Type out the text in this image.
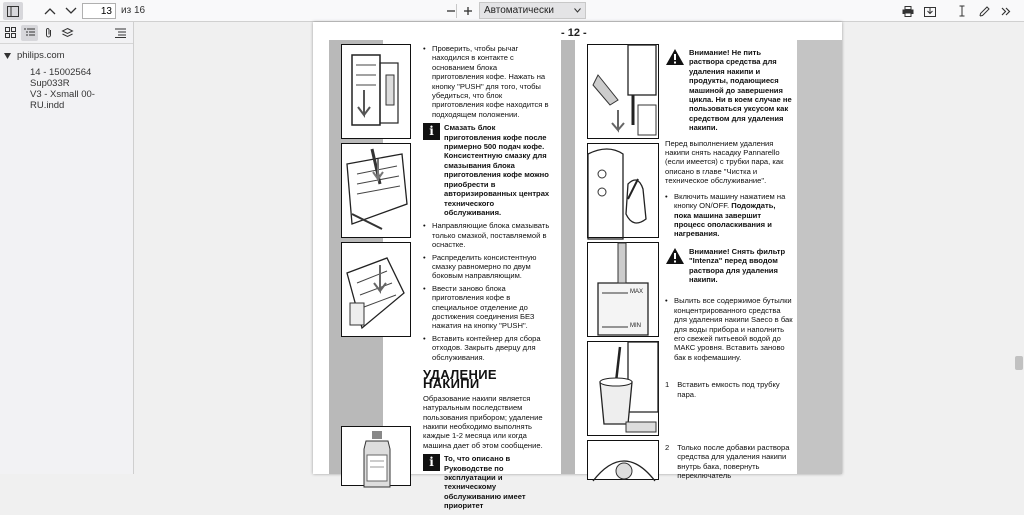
13
из 16	Автоматически
philips.com
14 - 15002564 Sup033R
V3 - Xsmall 00- RU.indd
- 12 -
• Проверить, чтобы рычаг находился в контакте с основанием блока приготовления кофе. Нажать на кнопку "PUSH" для того, чтобы убедиться, что блок приготовления кофе находится в подходящем положении.
i	Смазать блок приготовления кофе после примерно 500 подач кофе. Консистентную смазку для смазывания блока приготовления кофе можно приобрести в авторизированных центрах технического обслуживания.
• Направляющие блока смазывать только смазкой, поставляемой в оснастке.
• Распределить консистентную смазку равномерно по двум боковым направляющим.
• Ввести заново блока приготовления кофе в специальное отделение до достижения соединения БЕЗ нажатия на кнопку "PUSH".
• Вставить контейнер для сбора отходов. Закрыть дверцу для обслуживания.
УДАЛЕНИЕ НАКИПИ

Образование накипи является натуральным последствием пользования прибором; удаление накипи необходимо выполнять каждые 1-2 месяца или когда машина дает об этом сообщение.

i	То, что описано в Руководстве по эксплуатации и техническому обслуживанию имеет приоритет
MAX
MIN
Внимание! Не пить раствора средства для удаления накипи и продукты, подающиеся машиной до завершения цикла. Ни в коем случае не пользоваться уксусом как средством для удаления накипи.

Перед выполнением удаления накипи снять насадку Pannarello (если имеется) с трубки пара, как описано в главе "Чистка и техническое обслуживание".

• Включить машину нажатием на кнопку ON/OFF. Подождать, пока машина завершит процесс ополаскивания и нагревания.
Внимание! Снять фильтр "Intenza" перед вводом раствора для удаления накипи.
• Вылить все содержимое бутылки концентрированного средства для удаления накипи Saeco в бак для воды прибора и наполнить его свежей питьевой водой до МАКС уровня. Вставить заново бак в кофемашину.
1 Вставить емкость под трубку пара.
2 Только после добавки раствора средства для удаления накипи внутрь бака, повернуть переключатель
